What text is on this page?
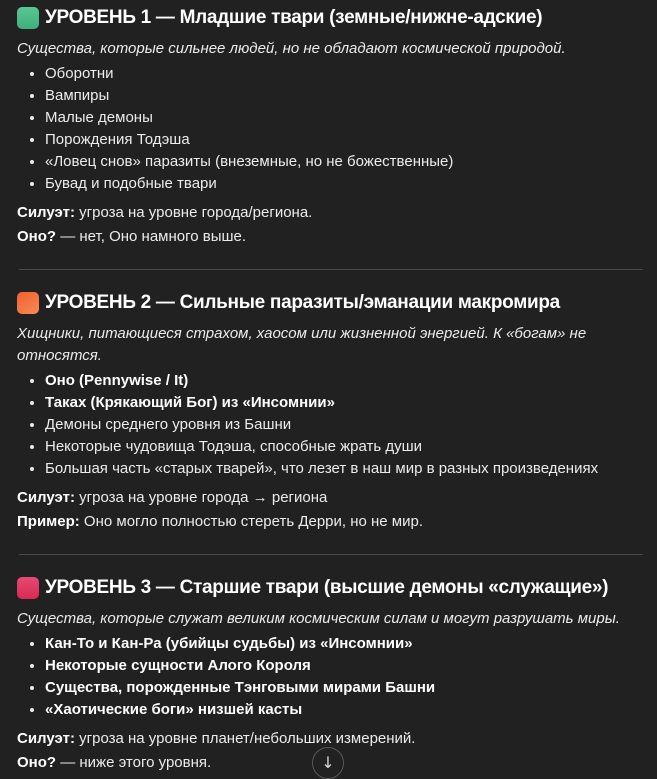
УРОВЕНЬ 1 — Младшие твари (земные/нижне-адские)

Существа, которые сильнее людей, но не обладают космической природой.

• Оборотни
• Вампиры
• Малые демоны
• Порождения Тодэша
• «Ловец снов» паразиты (внеземные, но не божественные)
• Бувад и подобные твари

Силуэт: угроза на уровне города/региона.

Оно? — нет, Оно намного выше.

УРОВЕНЬ 2 — Сильные паразиты/эманации макромира

Хищники, питающиеся страхом, хаосом или жизненной энергией. К «богам» не относятся.

• Оно (Pennywise / It)
• Таках (Крякающий Бог) из «Инсомнии»
• Демоны среднего уровня из Башни
• Некоторые чудовища Тодэша, способные жрать души
• Большая часть «старых тварей», что лезет в наш мир в разных произведениях

Силуэт: угроза на уровне города → региона

Пример: Оно могло полностью стереть Дерри, но не мир.

УРОВЕНЬ 3 — Старшие твари (высшие демоны «служащие»)

Существа, которые служат великим космическим силам и могут разрушать миры.

• Кан-То и Кан-Ра (убийцы судьбы) из «Инсомнии»
• Некоторые сущности Алого Короля
• Существа, порожденные Тэнговыми мирами Башни
• «Хаотические боги» низшей касты

Силуэт: угроза на уровне планет/небольших измерений.

Оно? — ниже этого уровня.	↓
